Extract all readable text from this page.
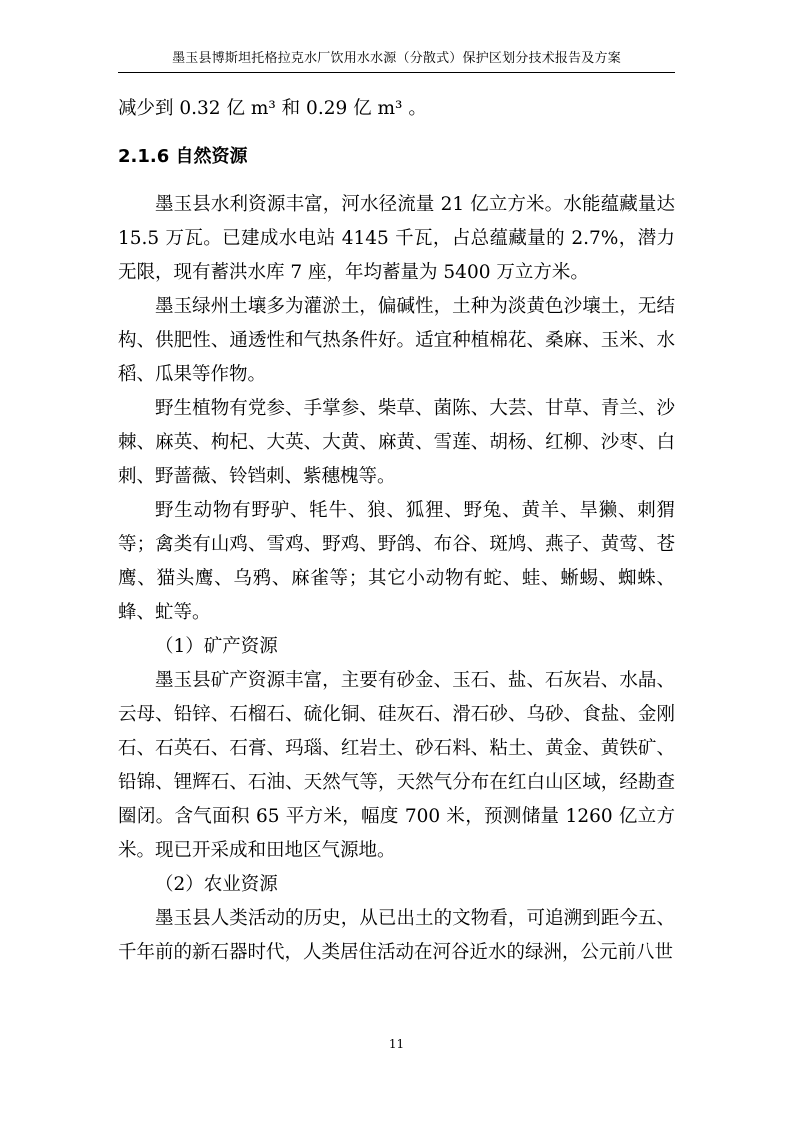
墨玉县博斯坦托格拉克水厂饮用水水源（分散式）保护区划分技术报告及方案

减少到 0.32 亿 m³ 和 0.29 亿 m³ 。

2.1.6 自然资源

墨玉县水利资源丰富，河水径流量 21 亿立方米。水能蕴藏量达 15.5 万瓦。已建成水电站 4145 千瓦，占总蕴藏量的 2.7%，潜力无限，现有蓄洪水库 7 座，年均蓄量为 5400 万立方米。

墨玉绿州土壤多为灌淤土，偏碱性，土种为淡黄色沙壤土，无结构、供肥性、通透性和气热条件好。适宜种植棉花、桑麻、玉米、水稻、瓜果等作物。

野生植物有党参、手掌参、柴草、菌陈、大芸、甘草、青兰、沙棘、麻英、枸杞、大英、大黄、麻黄、雪莲、胡杨、红柳、沙枣、白刺、野蔷薇、铃铛刺、紫穗槐等。

野生动物有野驴、牦牛、狼、狐狸、野兔、黄羊、旱獭、刺猬等；禽类有山鸡、雪鸡、野鸡、野鸽、布谷、斑鸠、燕子、黄莺、苍鹰、猫头鹰、乌鸦、麻雀等；其它小动物有蛇、蛙、蜥蜴、蜘蛛、蜂、虻等。

（1）矿产资源

墨玉县矿产资源丰富，主要有砂金、玉石、盐、石灰岩、水晶、云母、铅锌、石榴石、硫化铜、硅灰石、滑石砂、乌砂、食盐、金刚石、石英石、石膏、玛瑙、红岩土、砂石料、粘土、黄金、黄铁矿、铅锦、锂辉石、石油、天然气等，天然气分布在红白山区域，经勘查圈闭。含气面积 65 平方米，幅度 700 米，预测储量 1260 亿立方米。现已开采成和田地区气源地。

（2）农业资源

墨玉县人类活动的历史，从已出土的文物看，可追溯到距今五、千年前的新石器时代，人类居住活动在河谷近水的绿洲，公元前八世

11
